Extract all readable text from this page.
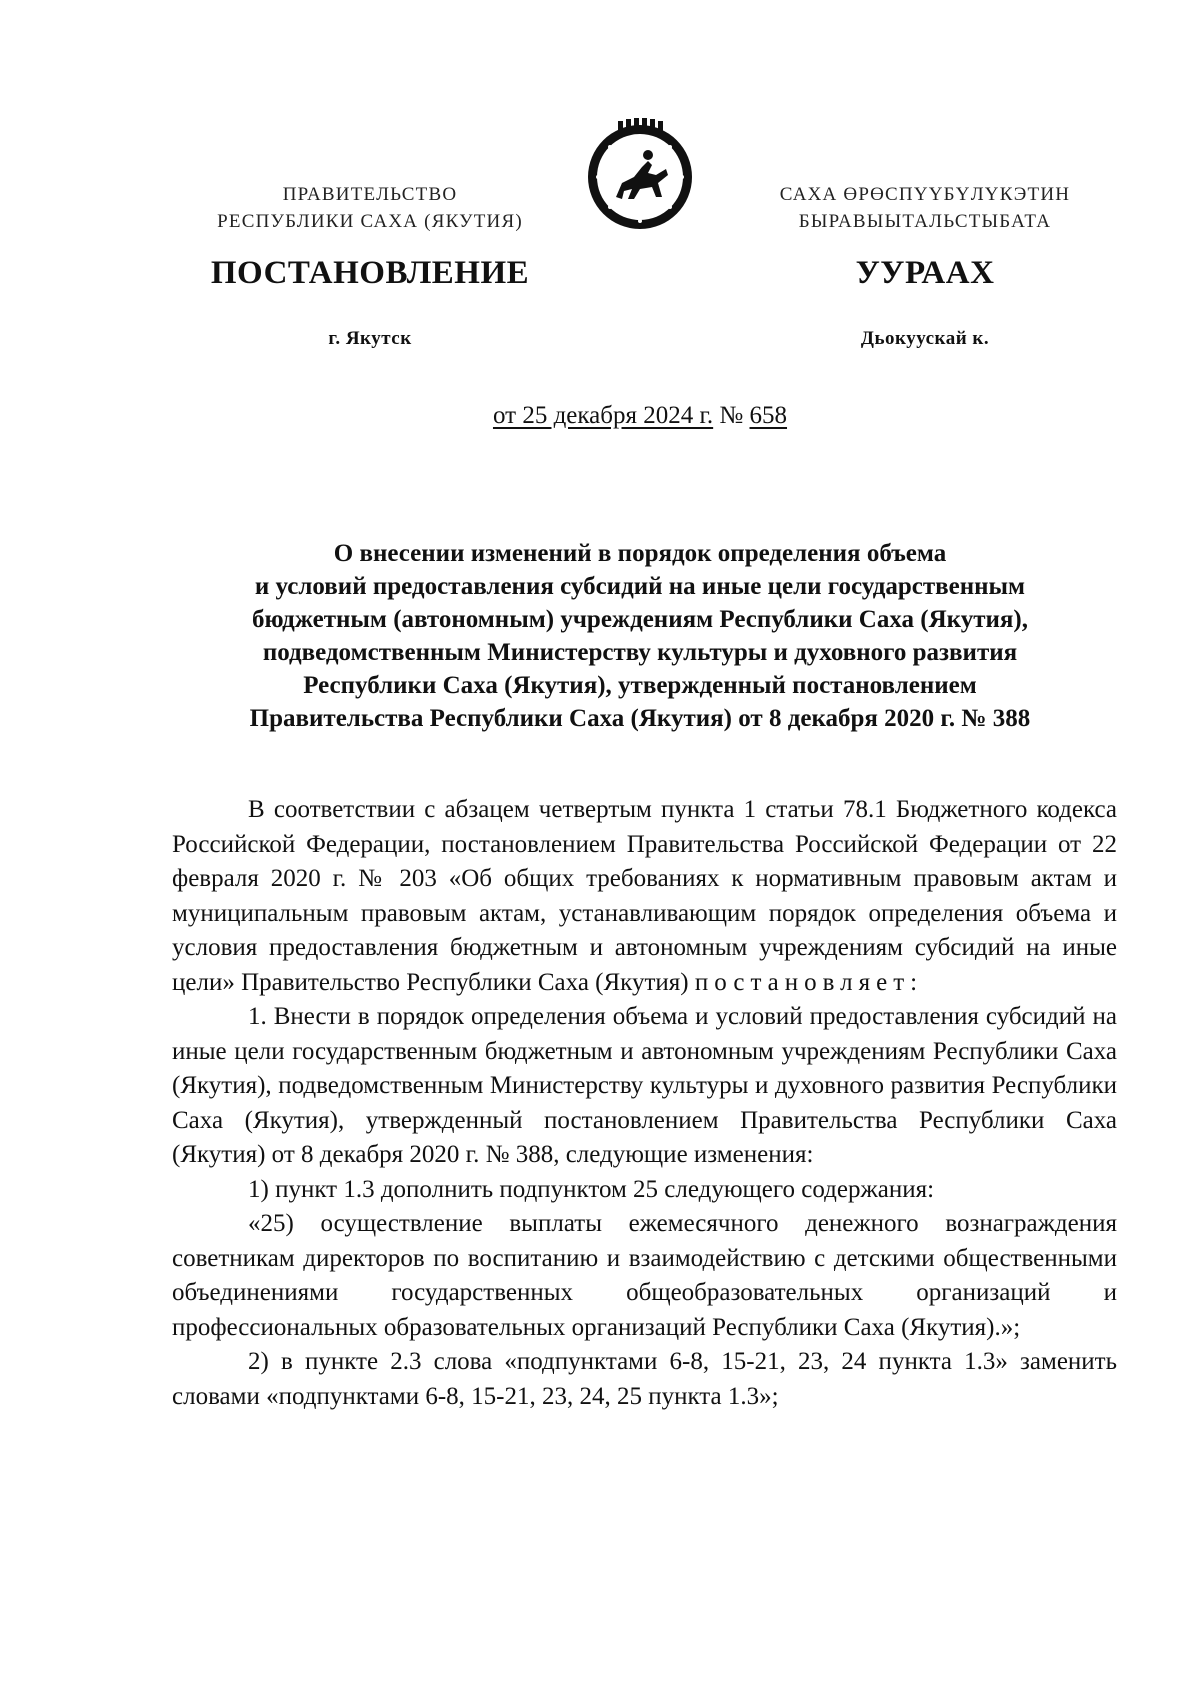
ПРАВИТЕЛЬСТВО
РЕСПУБЛИКИ САХА (ЯКУТИЯ)
САХА ӨРӨСПҮҮБҮЛҮКЭТИН
БЫРАВЫЫТАЛЬСТЫБАТА
ПОСТАНОВЛЕНИЕ	УУРААХ
г. Якутск	Дьокуускай к.
от 25 декабря 2024 г. № 658
О внесении изменений в порядок определения объема
и условий предоставления субсидий на иные цели государственным
бюджетным (автономным) учреждениям Республики Саха (Якутия),
подведомственным Министерству культуры и духовного развития
Республики Саха (Якутия), утвержденный постановлением
Правительства Республики Саха (Якутия) от 8 декабря 2020 г. № 388

В соответствии с абзацем четвертым пункта 1 статьи 78.1 Бюджетного кодекса Российской Федерации, постановлением Правительства Российской Федерации от 22 февраля 2020 г. № 203 «Об общих требованиях к нормативным правовым актам и муниципальным правовым актам, устанавливающим порядок определения объема и условия предоставления бюджетным и автономным учреждениям субсидий на иные цели» Правительство Республики Саха (Якутия) постановляет:

1. Внести в порядок определения объема и условий предоставления субсидий на иные цели государственным бюджетным и автономным учреждениям Республики Саха (Якутия), подведомственным Министерству культуры и духовного развития Республики Саха (Якутия), утвержденный постановлением Правительства Республики Саха (Якутия) от 8 декабря 2020 г. № 388, следующие изменения:

1) пункт 1.3 дополнить подпунктом 25 следующего содержания:

«25) осуществление выплаты ежемесячного денежного вознаграждения советникам директоров по воспитанию и взаимодействию с детскими общественными объединениями государственных общеобразовательных организаций и профессиональных образовательных организаций Республики Саха (Якутия).»;

2) в пункте 2.3 слова «подпунктами 6-8, 15-21, 23, 24 пункта 1.3» заменить словами «подпунктами 6-8, 15-21, 23, 24, 25 пункта 1.3»;
